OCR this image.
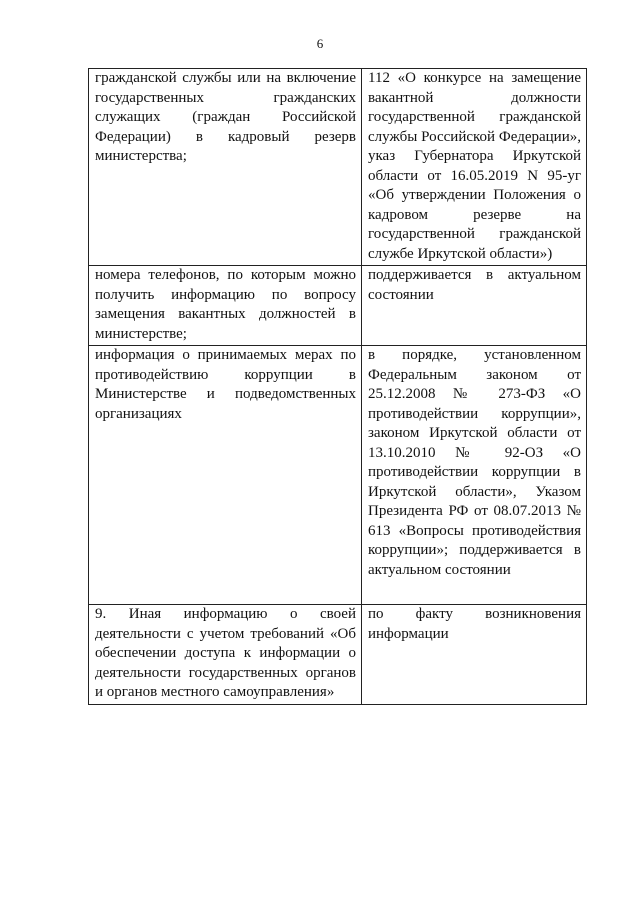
6
гражданской службы или на включение государственных гражданских служащих (граждан Российской Федерации) в кадровый резерв министерства;	112 «О конкурсе на замещение вакантной должности государственной гражданской службы Российской Федерации», указ Губернатора Иркутской области от 16.05.2019 N 95-уг «Об утверждении Положения о кадровом резерве на государственной гражданской службе Иркутской области»)

номера телефонов, по которым можно получить информацию по вопросу замещения вакантных должностей в министерстве;	поддерживается в актуальном состоянии

информация о принимаемых мерах по противодействию коррупции в Министерстве и подведомственных организациях	в порядке, установленном Федеральным законом от 25.12.2008 № 273-ФЗ «О противодействии коррупции», законом Иркутской области от 13.10.2010 № 92-ОЗ «О противодействии коррупции в Иркутской области», Указом Президента РФ от 08.07.2013 № 613 «Вопросы противодействия коррупции»; поддерживается в актуальном состоянии

9. Иная информацию о своей деятельности с учетом требований «Об обеспечении доступа к информации о деятельности государственных органов и органов местного самоуправления»	по факту возникновения информации
